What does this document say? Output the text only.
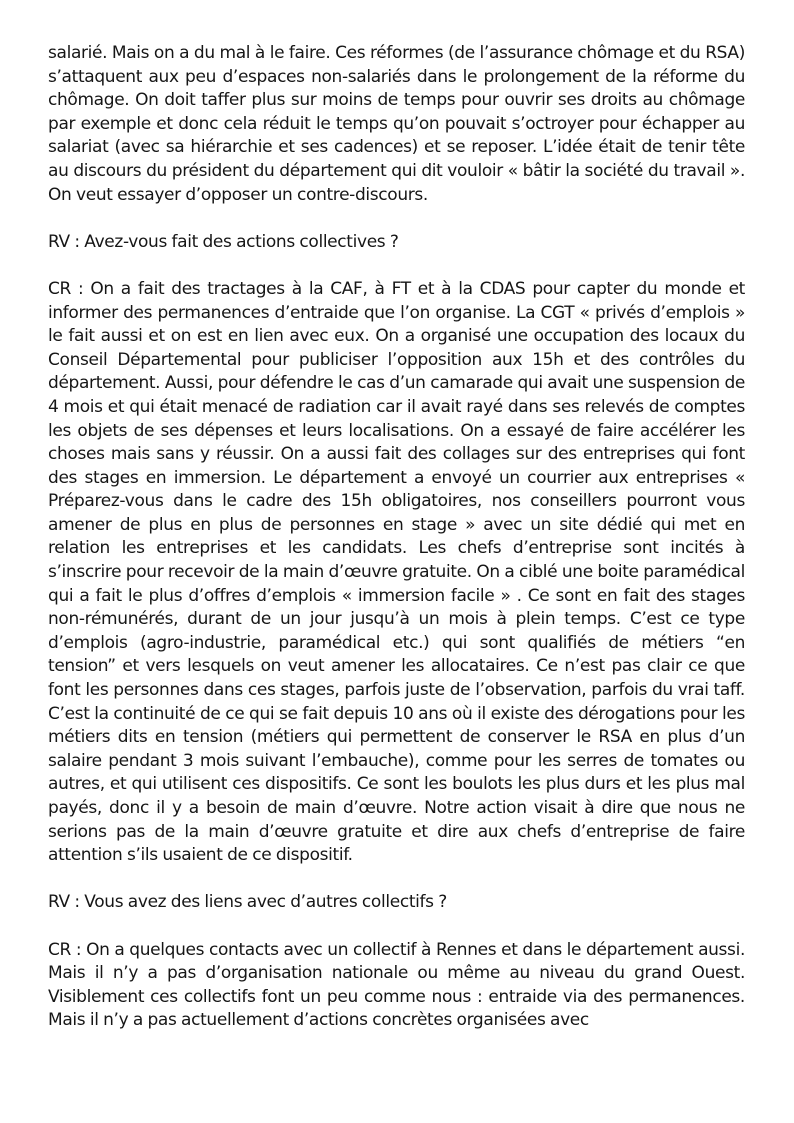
salarié. Mais on a du mal à le faire. Ces réformes (de l’assurance chômage et du RSA) s’attaquent aux peu d’espaces non-salariés dans le prolongement de la réforme du chômage. On doit taffer plus sur moins de temps pour ouvrir ses droits au chômage par exemple et donc cela réduit le temps qu’on pouvait s’octroyer pour échapper au salariat (avec sa hiérarchie et ses cadences) et se reposer. L’idée était de tenir tête au discours du président du département qui dit vouloir « bâtir la société du travail ». On veut essayer d’opposer un contre-discours.

RV : Avez-vous fait des actions collectives ?

CR : On a fait des tractages à la CAF, à FT et à la CDAS pour capter du monde et informer des permanences d’entraide que l’on organise. La CGT « privés d’emplois » le fait aussi et on est en lien avec eux. On a organisé une occupation des locaux du Conseil Départemental pour publiciser l’opposition aux 15h et des contrôles du département. Aussi, pour défendre le cas d’un camarade qui avait une suspension de 4 mois et qui était menacé de radiation car il avait rayé dans ses relevés de comptes les objets de ses dépenses et leurs localisations. On a essayé de faire accélérer les choses mais sans y réussir. On a aussi fait des collages sur des entreprises qui font des stages en immersion. Le département a envoyé un courrier aux entreprises « Préparez-vous dans le cadre des 15h obligatoires, nos conseillers pourront vous amener de plus en plus de personnes en stage » avec un site dédié qui met en relation les entreprises et les candidats. Les chefs d’entreprise sont incités à s’inscrire pour recevoir de la main d’œuvre gratuite. On a ciblé une boite paramédical qui a fait le plus d’offres d’emplois « immersion facile » . Ce sont en fait des stages non-rémunérés, durant de un jour jusqu’à un mois à plein temps. C’est ce type d’emplois (agro-industrie, paramédical etc.) qui sont qualifiés de métiers “en tension” et vers lesquels on veut amener les allocataires. Ce n’est pas clair ce que font les personnes dans ces stages, parfois juste de l’observation, parfois du vrai taff. C’est la continuité de ce qui se fait depuis 10 ans où il existe des dérogations pour les métiers dits en tension (métiers qui permettent de conserver le RSA en plus d’un salaire pendant 3 mois suivant l’embauche), comme pour les serres de tomates ou autres, et qui utilisent ces dispositifs. Ce sont les boulots les plus durs et les plus mal payés, donc il y a besoin de main d’œuvre. Notre action visait à dire que nous ne serions pas de la main d’œuvre gratuite et dire aux chefs d’entreprise de faire attention s’ils usaient de ce dispositif.

RV : Vous avez des liens avec d’autres collectifs ?

CR : On a quelques contacts avec un collectif à Rennes et dans le département aussi. Mais il n’y a pas d’organisation nationale ou même au niveau du grand Ouest. Visiblement ces collectifs font un peu comme nous : entraide via des permanences. Mais il n’y a pas actuellement d’actions concrètes organisées avec
